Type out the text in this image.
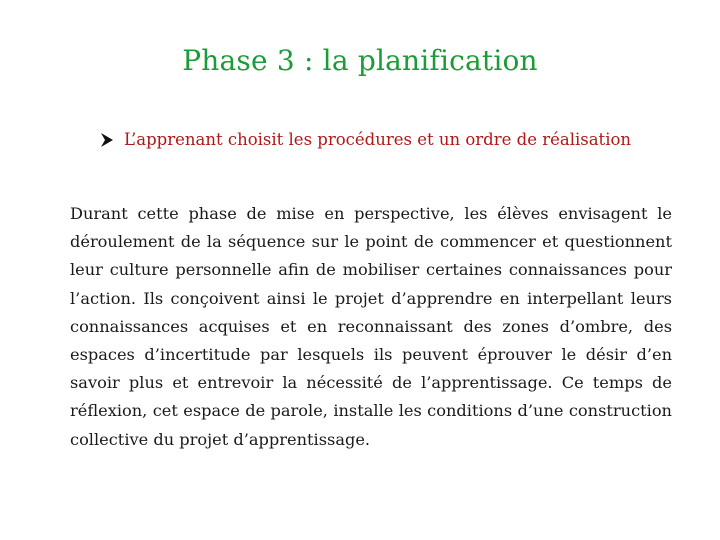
Phase 3 : la planification
L’apprenant choisit les procédures et un ordre de réalisation

Durant cette phase de mise en perspective, les élèves envisagent le déroulement de la séquence sur le point de commencer et questionnent leur culture personnelle afin de mobiliser certaines connaissances pour l’action. Ils conçoivent ainsi le projet d’apprendre en interpellant leurs connaissances acquises et en reconnaissant des zones d’ombre, des espaces d’incertitude par lesquels ils peuvent éprouver le désir d’en savoir plus et entrevoir la nécessité de l’apprentissage. Ce temps de réflexion, cet espace de parole, installe les conditions d’une construction collective du projet d’apprentissage.
